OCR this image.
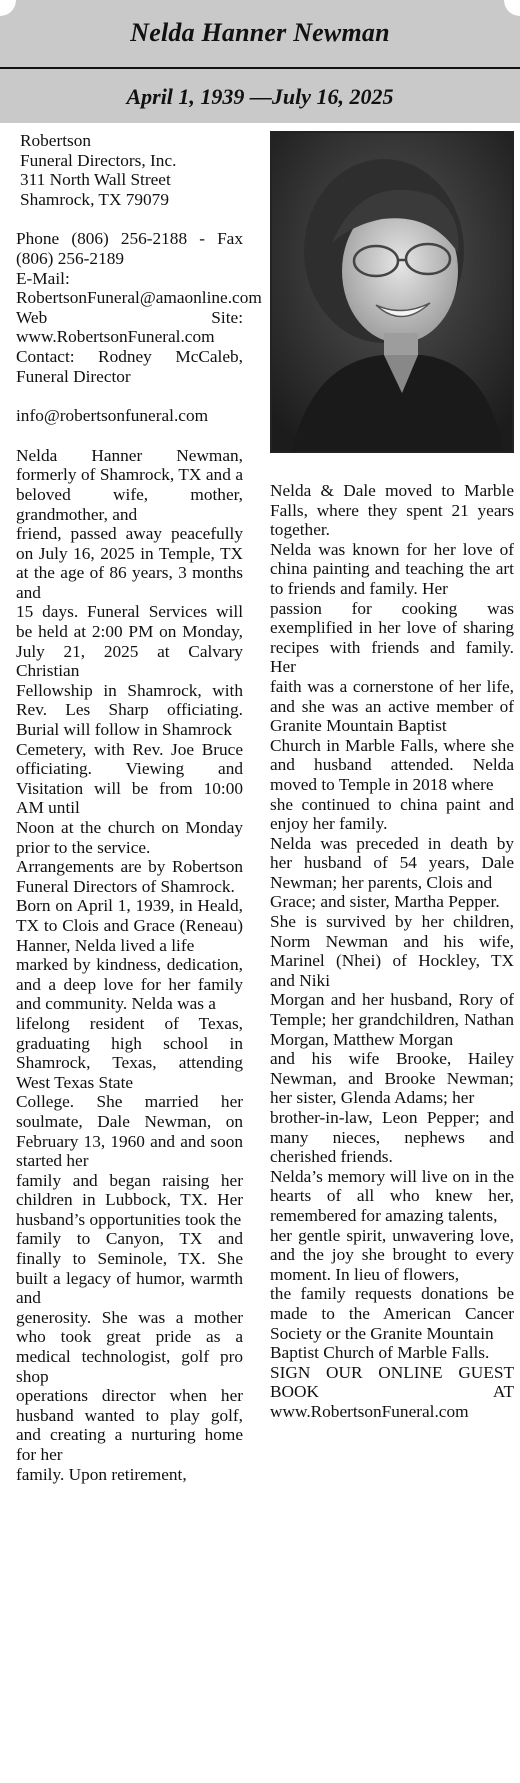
Nelda Hanner Newman
April 1, 1939 —July 16, 2025

Robertson

Funeral Directors, Inc.

311 North Wall Street

Shamrock, TX 79079

Phone (806) 256-2188 - Fax (806) 256-2189

E-Mail: RobertsonFuneral@amaonline.com

Web Site: www.RobertsonFuneral.com

Contact: Rodney McCaleb, Funeral Director

info@robertsonfuneral.com

Nelda Hanner Newman, formerly of Shamrock, TX and a beloved wife, mother, grandmother, and

friend, passed away peacefully on July 16, 2025 in Temple, TX at the age of 86 years, 3 months and

15 days. Funeral Services will be held at 2:00 PM on Monday, July 21, 2025 at Calvary Christian

Fellowship in Shamrock, with Rev. Les Sharp officiating. Burial will follow in Shamrock

Cemetery, with Rev. Joe Bruce officiating. Viewing and Visitation will be from 10:00 AM until

Noon at the church on Monday prior to the service.

Arrangements are by Robertson Funeral Directors of Shamrock.

Born on April 1, 1939, in Heald, TX to Clois and Grace (Reneau) Hanner, Nelda lived a life

marked by kindness, dedication, and a deep love for her family and community. Nelda was a

lifelong resident of Texas, graduating high school in Shamrock, Texas, attending West Texas State

College. She married her soulmate, Dale Newman, on February 13, 1960 and and soon started her

family and began raising her children in Lubbock, TX. Her husband’s opportunities took the

family to Canyon, TX and finally to Seminole, TX. She built a legacy of humor, warmth and

generosity. She was a mother who took great pride as a medical technologist, golf pro shop

operations director when her husband wanted to play golf, and creating a nurturing home for her

family. Upon retirement,

Nelda & Dale moved to Marble Falls, where they spent 21 years together.

Nelda was known for her love of china painting and teaching the art to friends and family. Her

passion for cooking was exemplified in her love of sharing recipes with friends and family. Her

faith was a cornerstone of her life, and she was an active member of Granite Mountain Baptist

Church in Marble Falls, where she and husband attended. Nelda moved to Temple in 2018 where

she continued to china paint and enjoy her family.

Nelda was preceded in death by her husband of 54 years, Dale Newman; her parents, Clois and

Grace; and sister, Martha Pepper.

She is survived by her children, Norm Newman and his wife, Marinel (Nhei) of Hockley, TX and Niki

Morgan and her husband, Rory of Temple; her grandchildren, Nathan Morgan, Matthew Morgan

and his wife Brooke, Hailey Newman, and Brooke Newman; her sister, Glenda Adams; her

brother-in-law, Leon Pepper; and many nieces, nephews and cherished friends.

Nelda’s memory will live on in the hearts of all who knew her, remembered for amazing talents,

her gentle spirit, unwavering love, and the joy she brought to every moment. In lieu of flowers,

the family requests donations be made to the American Cancer Society or the Granite Mountain

Baptist Church of Marble Falls.

SIGN OUR ONLINE GUEST BOOK AT www.RobertsonFuneral.com
